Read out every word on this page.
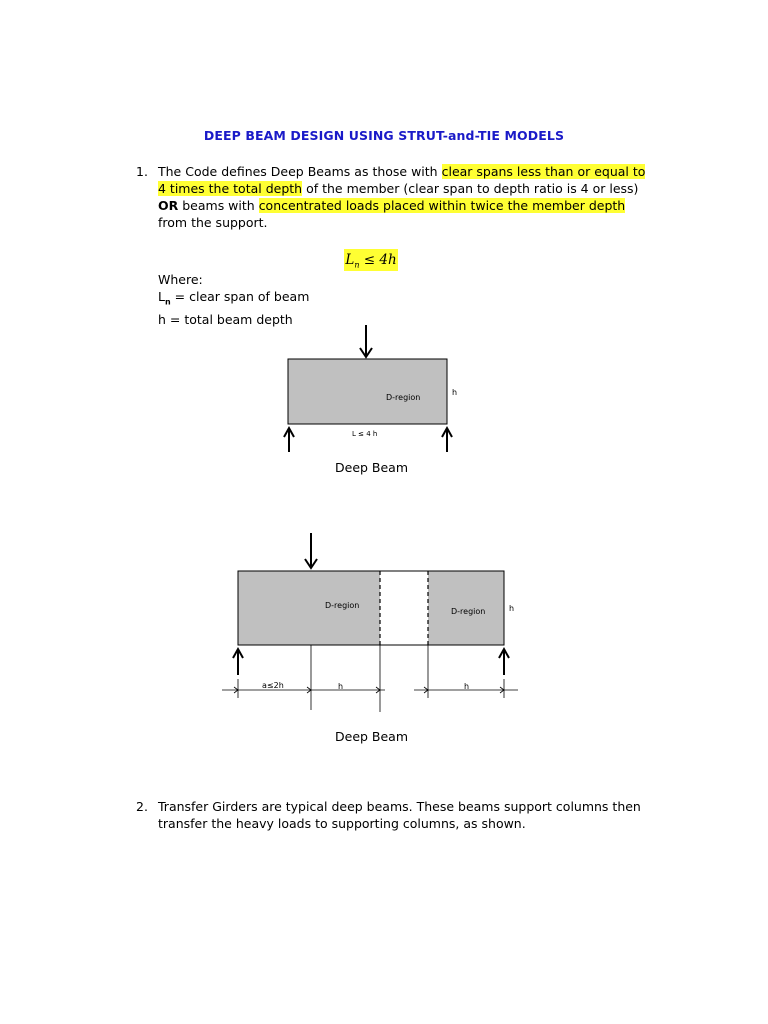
DEEP BEAM DESIGN USING STRUT-and-TIE MODELS
1. The Code defines Deep Beams as those with clear spans less than or equal to 4 times the total depth of the member (clear span to depth ratio is 4 or less) OR beams with concentrated loads placed within twice the member depth from the support.
$L_n \le 4h$
Where:
$L_n$ = clear span of beam
h = total beam depth
D-region
h
L ≤ 4 h
D-region
D-region	h
a≤2h	h	h
Deep Beam
Deep Beam
2. Transfer Girders are typical deep beams. These beams support columns then transfer the heavy loads to supporting columns, as shown.
